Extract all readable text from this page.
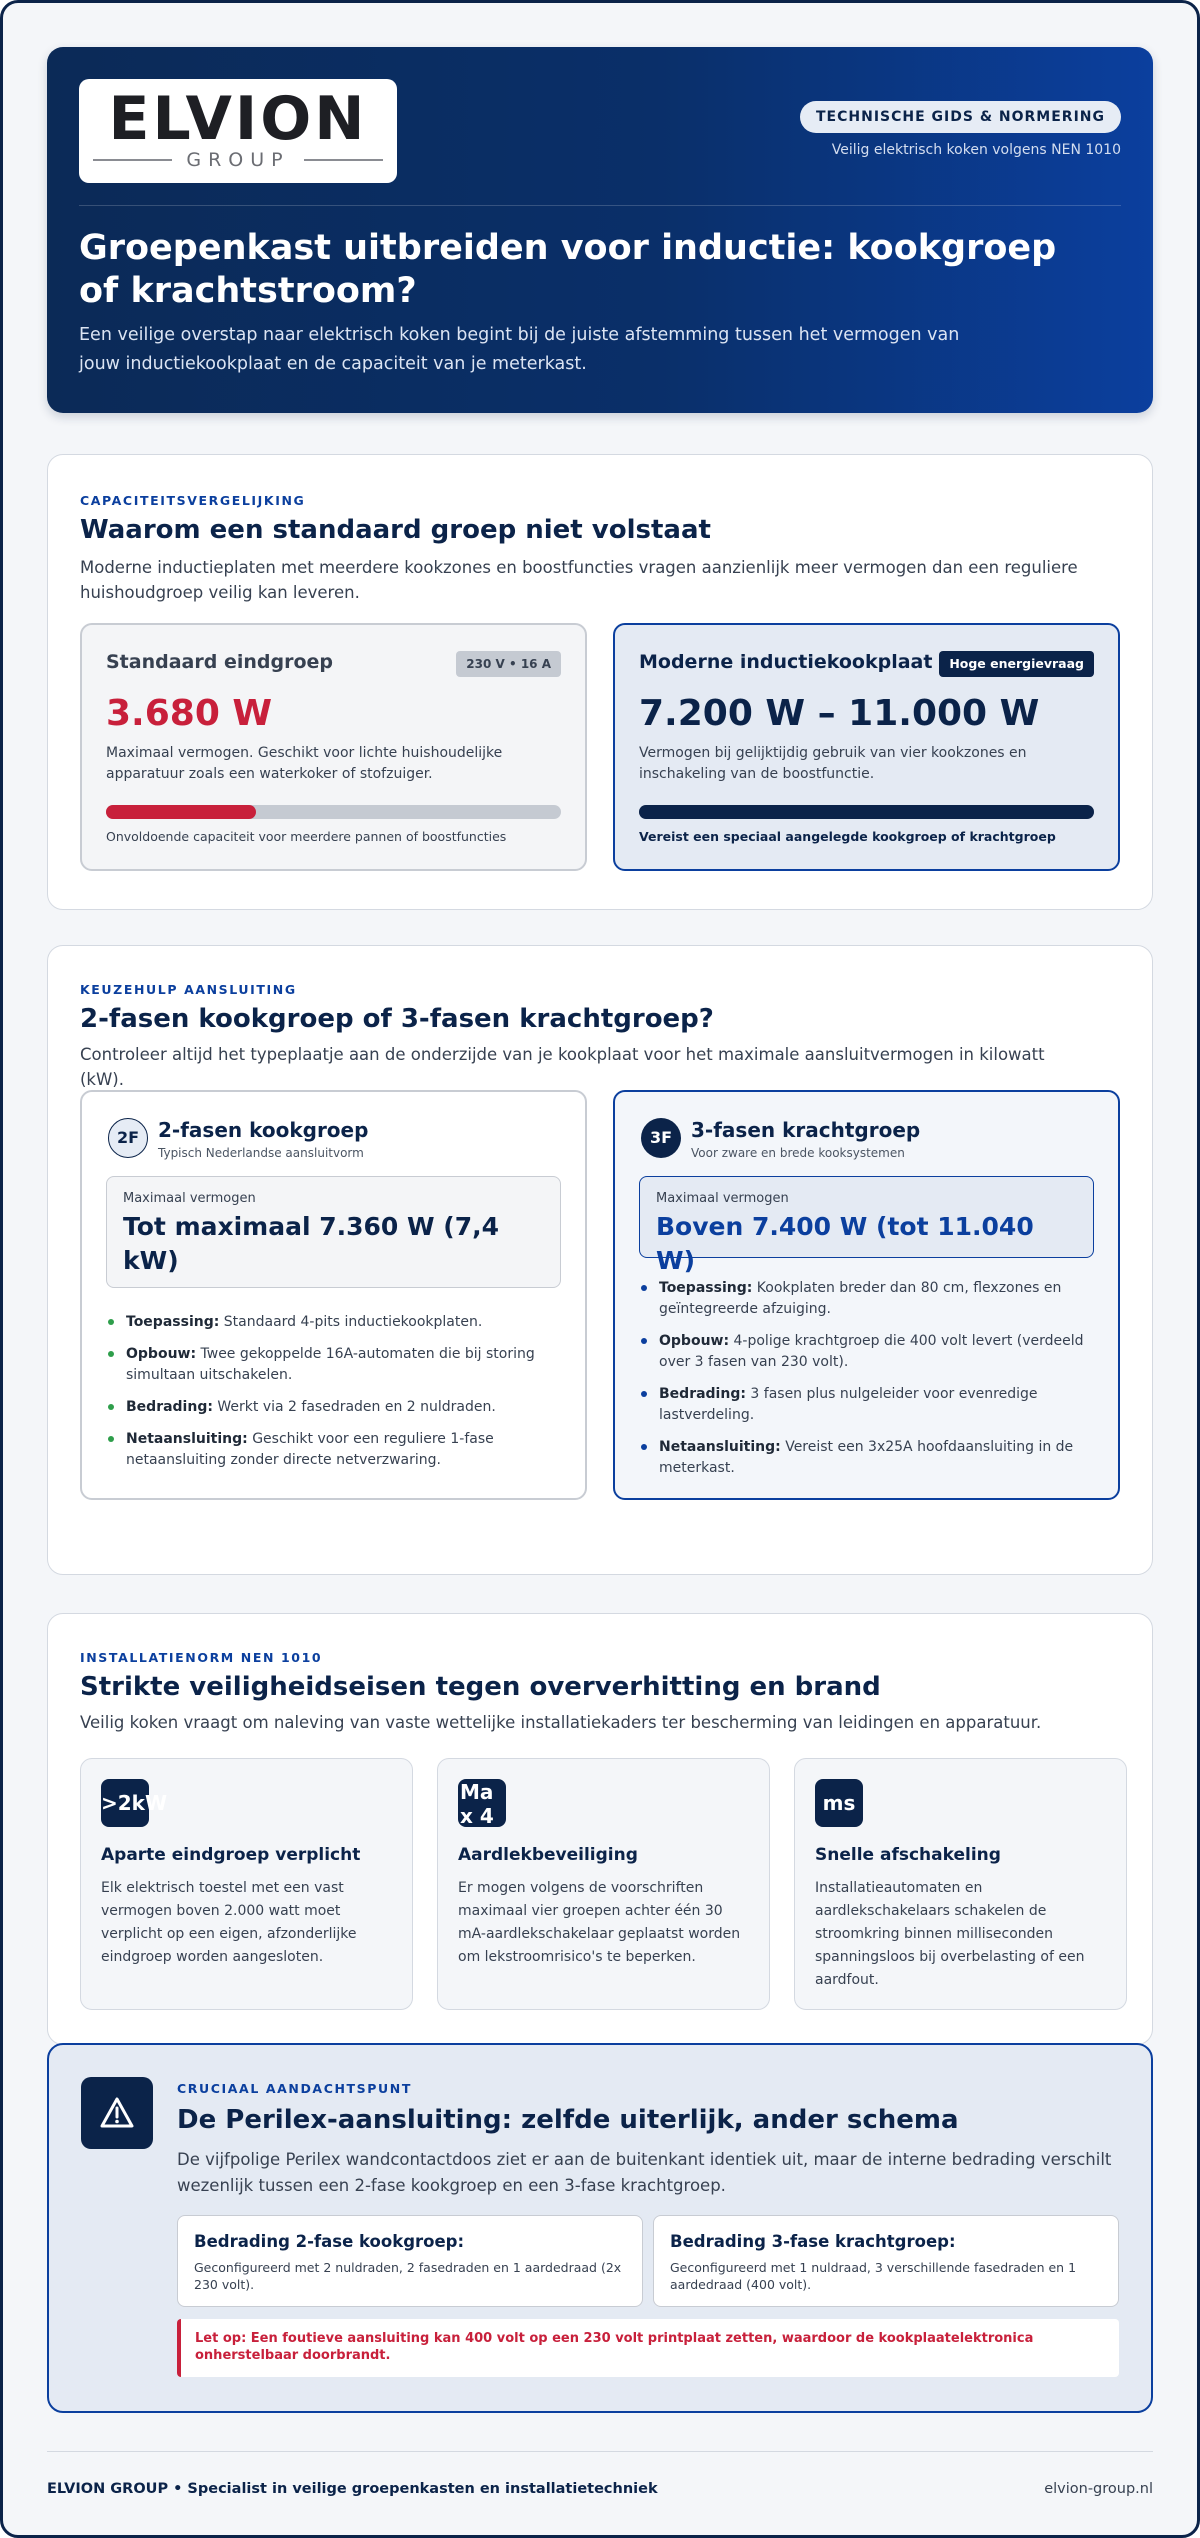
ELVION
GROUP
TECHNISCHE GIDS & NORMERING
Veilig elektrisch koken volgens NEN 1010
Groepenkast uitbreiden voor inductie: kookgroep of krachtstroom?

Een veilige overstap naar elektrisch koken begint bij de juiste afstemming tussen het vermogen van jouw inductiekookplaat en de capaciteit van je meterkast.

CAPACITEITSVERGELIJKING
Waarom een standaard groep niet volstaat

Moderne inductieplaten met meerdere kookzones en boostfuncties vragen aanzienlijk meer vermogen dan een reguliere huishoudgroep veilig kan leveren.

Standaard eindgroep	230 V • 16 A
3.680 W
Maximaal vermogen. Geschikt voor lichte huishoudelijke apparatuur zoals een waterkoker of stofzuiger.
Onvoldoende capaciteit voor meerdere pannen of boostfuncties
Moderne inductiekookplaat	Hoge energievraag
7.200 W – 11.000 W
Vermogen bij gelijktijdig gebruik van vier kookzones en inschakeling van de boostfunctie.
Vereist een speciaal aangelegde kookgroep of krachtgroep
KEUZEHULP AANSLUITING
2-fasen kookgroep of 3-fasen krachtgroep?

Controleer altijd het typeplaatje aan de onderzijde van je kookplaat voor het maximale aansluitvermogen in kilowatt (kW).

2F 2-fasen kookgroep
Typisch Nederlandse aansluitvorm
Maximaal vermogen
Tot maximaal 7.360 W (7,4 kW)
Toepassing: Standaard 4-pits inductiekookplaten.
Opbouw: Twee gekoppelde 16A-automaten die bij storing simultaan uitschakelen.
Bedrading: Werkt via 2 fasedraden en 2 nuldraden.
Netaansluiting: Geschikt voor een reguliere 1-fase netaansluiting zonder directe netverzwaring.
3F 3-fasen krachtgroep
Voor zware en brede kooksystemen
Maximaal vermogen
Boven 7.400 W (tot 11.040 W)
Toepassing: Kookplaten breder dan 80 cm, flexzones en geïntegreerde afzuiging.
Opbouw: 4-polige krachtgroep die 400 volt levert (verdeeld over 3 fasen van 230 volt).
Bedrading: 3 fasen plus nulgeleider voor evenredige lastverdeling.
Netaansluiting: Vereist een 3x25A hoofdaansluiting in de meterkast.
INSTALLATIENORM NEN 1010
Strikte veiligheidseisen tegen oververhitting en brand

Veilig koken vraagt om naleving van vaste wettelijke installatiekaders ter bescherming van leidingen en apparatuur.

>2kW
Aparte eindgroep verplicht
Elk elektrisch toestel met een vast vermogen boven 2.000 watt moet verplicht op een eigen, afzonderlijke eindgroep worden aangesloten.
Max 4
Aardlekbeveiliging
Er mogen volgens de voorschriften maximaal vier groepen achter één 30 mA-aardlekschakelaar geplaatst worden om lekstroomrisico's te beperken.
ms
Snelle afschakeling
Installatieautomaten en aardlekschakelaars schakelen de stroomkring binnen milliseconden spanningsloos bij overbelasting of een aardfout.
CRUCIAAL AANDACHTSPUNT
De Perilex-aansluiting: zelfde uiterlijk, ander schema

De vijfpolige Perilex wandcontactdoos ziet er aan de buitenkant identiek uit, maar de interne bedrading verschilt wezenlijk tussen een 2-fase kookgroep en een 3-fase krachtgroep.

Bedrading 2-fase kookgroep:
Geconfigureerd met 2 nuldraden, 2 fasedraden en 1 aardedraad (2x 230 volt).
Bedrading 3-fase krachtgroep:
Geconfigureerd met 1 nuldraad, 3 verschillende fasedraden en 1 aardedraad (400 volt).
Let op: Een foutieve aansluiting kan 400 volt op een 230 volt printplaat zetten, waardoor de kookplaatelektronica onherstelbaar doorbrandt.
ELVION GROUP • Specialist in veilige groepenkasten en installatietechniek	elvion-group.nl
